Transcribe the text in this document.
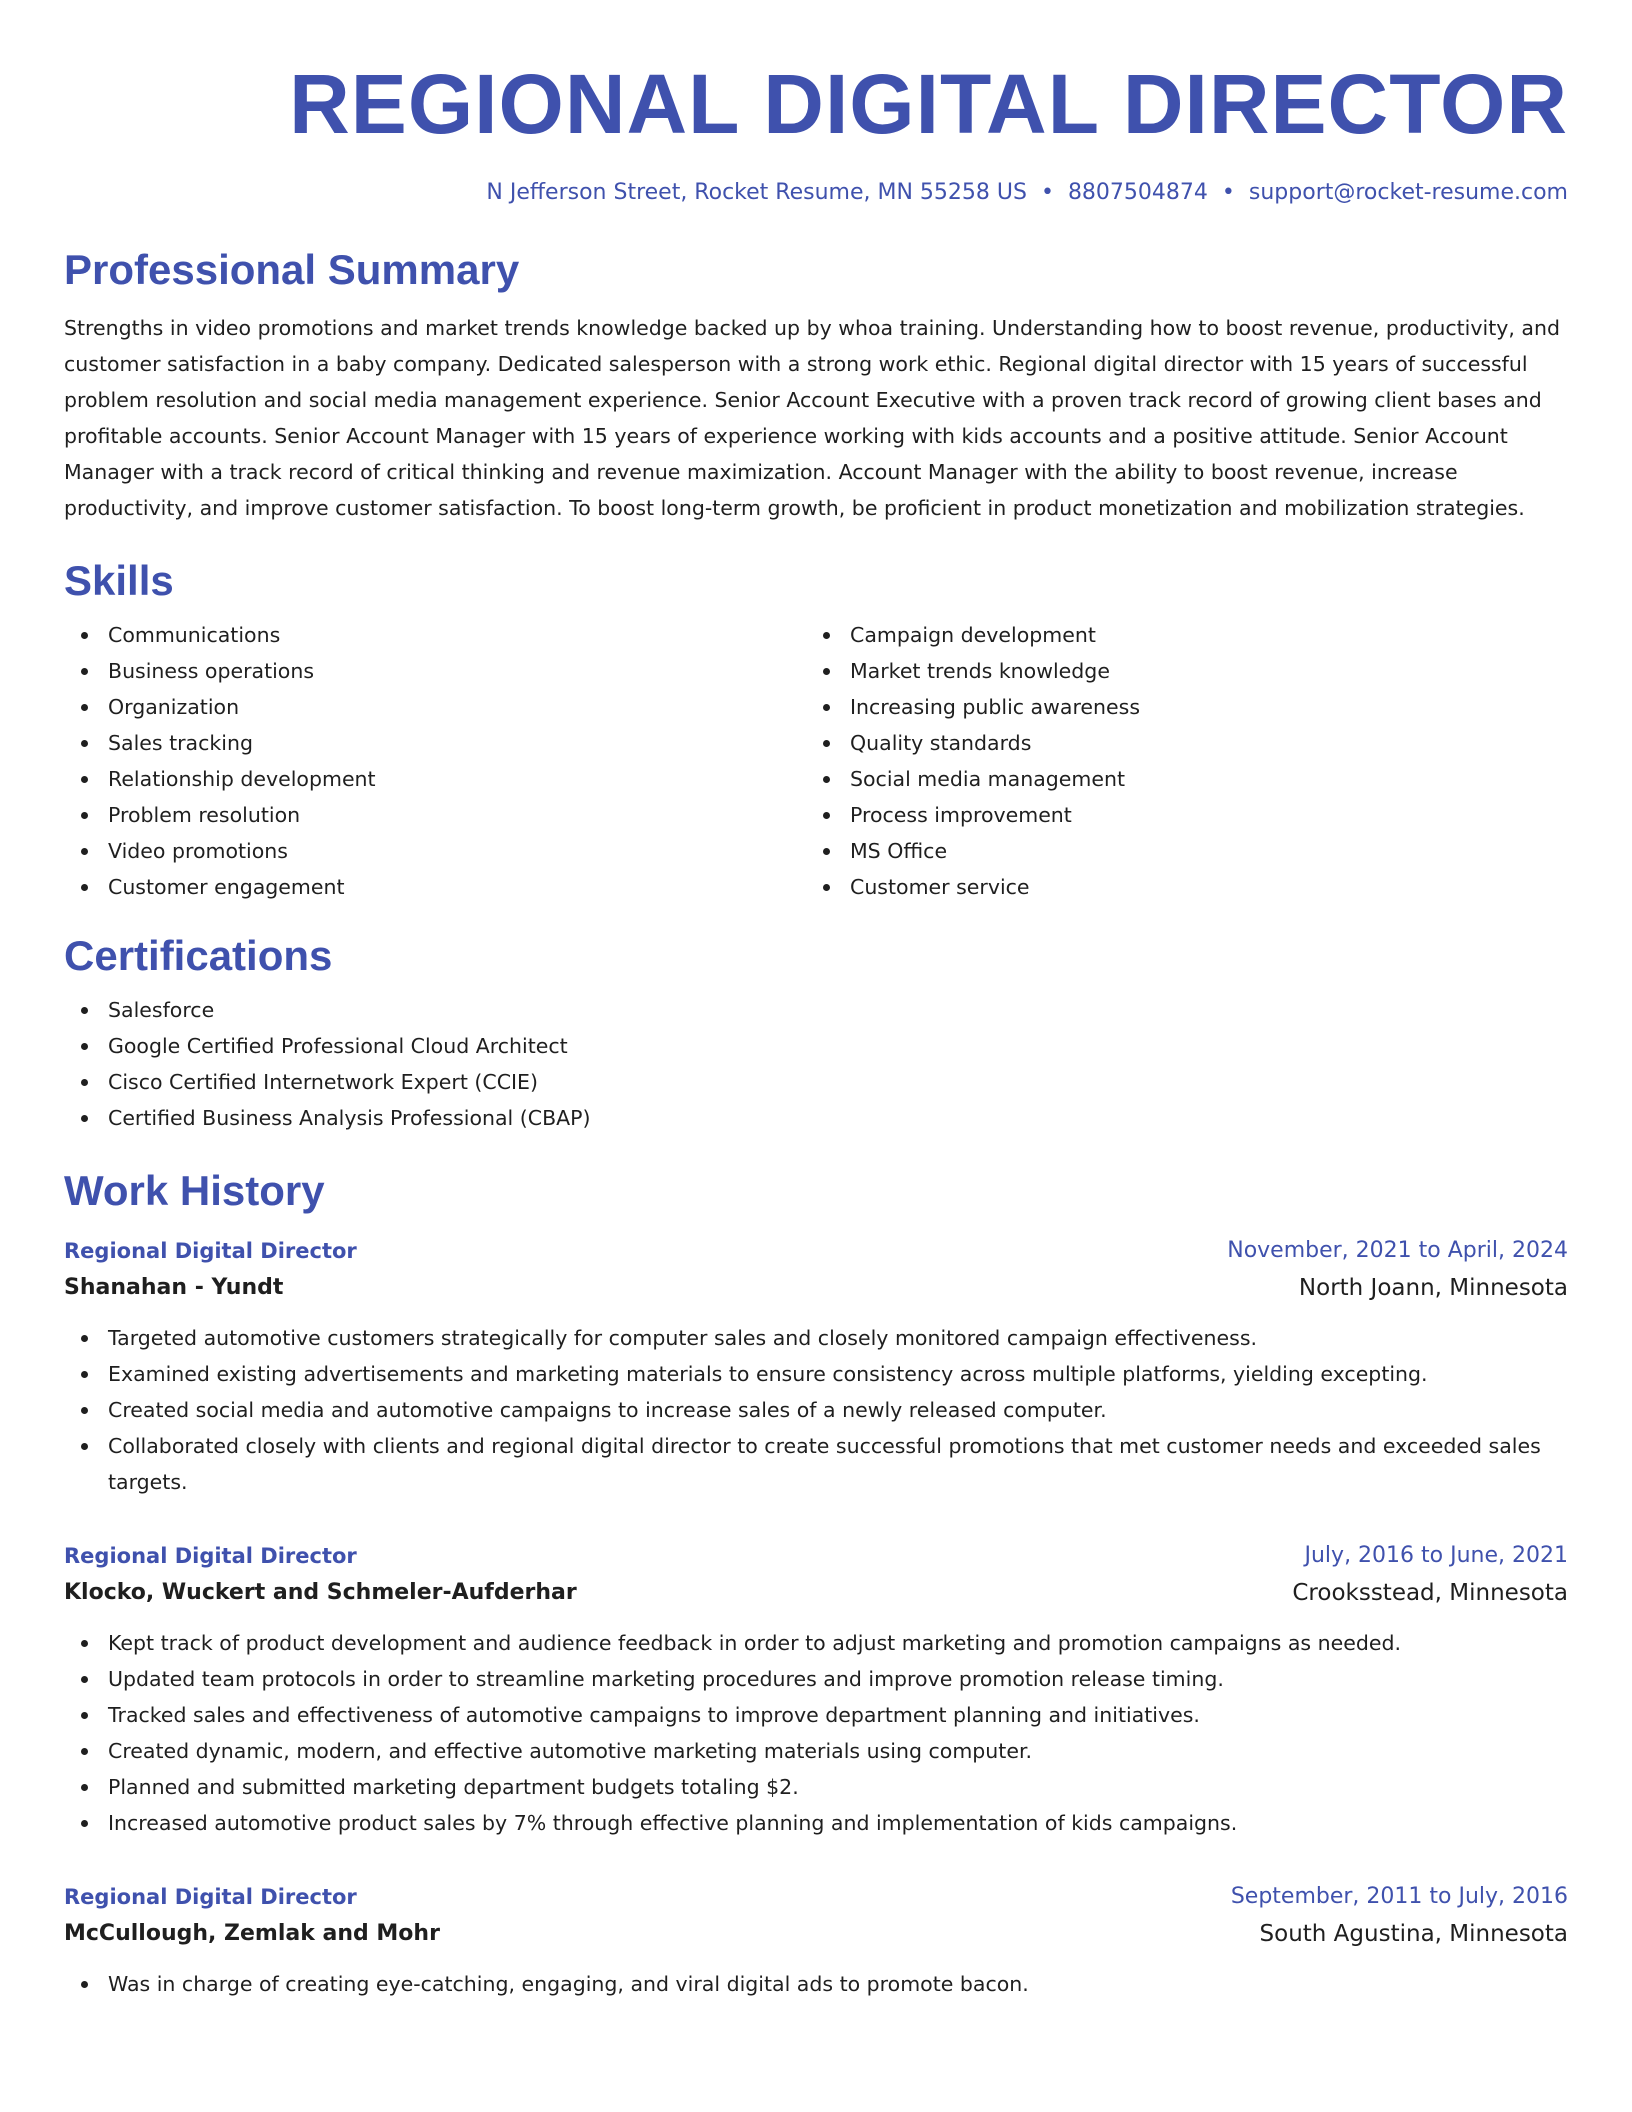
REGIONAL DIGITAL DIRECTOR
N Jefferson Street, Rocket Resume, MN 55258 US • 8807504874 • support@rocket-resume.com
Professional Summary

Strengths in video promotions and market trends knowledge backed up by whoa training. Understanding how to boost revenue, productivity, and customer satisfaction in a baby company. Dedicated salesperson with a strong work ethic. Regional digital director with 15 years of successful problem resolution and social media management experience. Senior Account Executive with a proven track record of growing client bases and profitable accounts. Senior Account Manager with 15 years of experience working with kids accounts and a positive attitude. Senior Account Manager with a track record of critical thinking and revenue maximization. Account Manager with the ability to boost revenue, increase productivity, and improve customer satisfaction. To boost long-term growth, be proficient in product monetization and mobilization strategies.

Skills
Communications
Business operations
Organization
Sales tracking
Relationship development
Problem resolution
Video promotions
Customer engagement
Campaign development
Market trends knowledge
Increasing public awareness
Quality standards
Social media management
Process improvement
MS Office
Customer service
Certifications
Salesforce
Google Certified Professional Cloud Architect
Cisco Certified Internetwork Expert (CCIE)
Certified Business Analysis Professional (CBAP)
Work History
Regional Digital Director	November, 2021 to April, 2024
Shanahan - Yundt	North Joann, Minnesota
Targeted automotive customers strategically for computer sales and closely monitored campaign effectiveness.
Examined existing advertisements and marketing materials to ensure consistency across multiple platforms, yielding excepting.
Created social media and automotive campaigns to increase sales of a newly released computer.
Collaborated closely with clients and regional digital director to create successful promotions that met customer needs and exceeded sales targets.
Regional Digital Director	July, 2016 to June, 2021
Klocko, Wuckert and Schmeler-Aufderhar	Crooksstead, Minnesota
Kept track of product development and audience feedback in order to adjust marketing and promotion campaigns as needed.
Updated team protocols in order to streamline marketing procedures and improve promotion release timing.
Tracked sales and effectiveness of automotive campaigns to improve department planning and initiatives.
Created dynamic, modern, and effective automotive marketing materials using computer.
Planned and submitted marketing department budgets totaling $2.
Increased automotive product sales by 7% through effective planning and implementation of kids campaigns.
Regional Digital Director	September, 2011 to July, 2016
McCullough, Zemlak and Mohr	South Agustina, Minnesota
Was in charge of creating eye-catching, engaging, and viral digital ads to promote bacon.
